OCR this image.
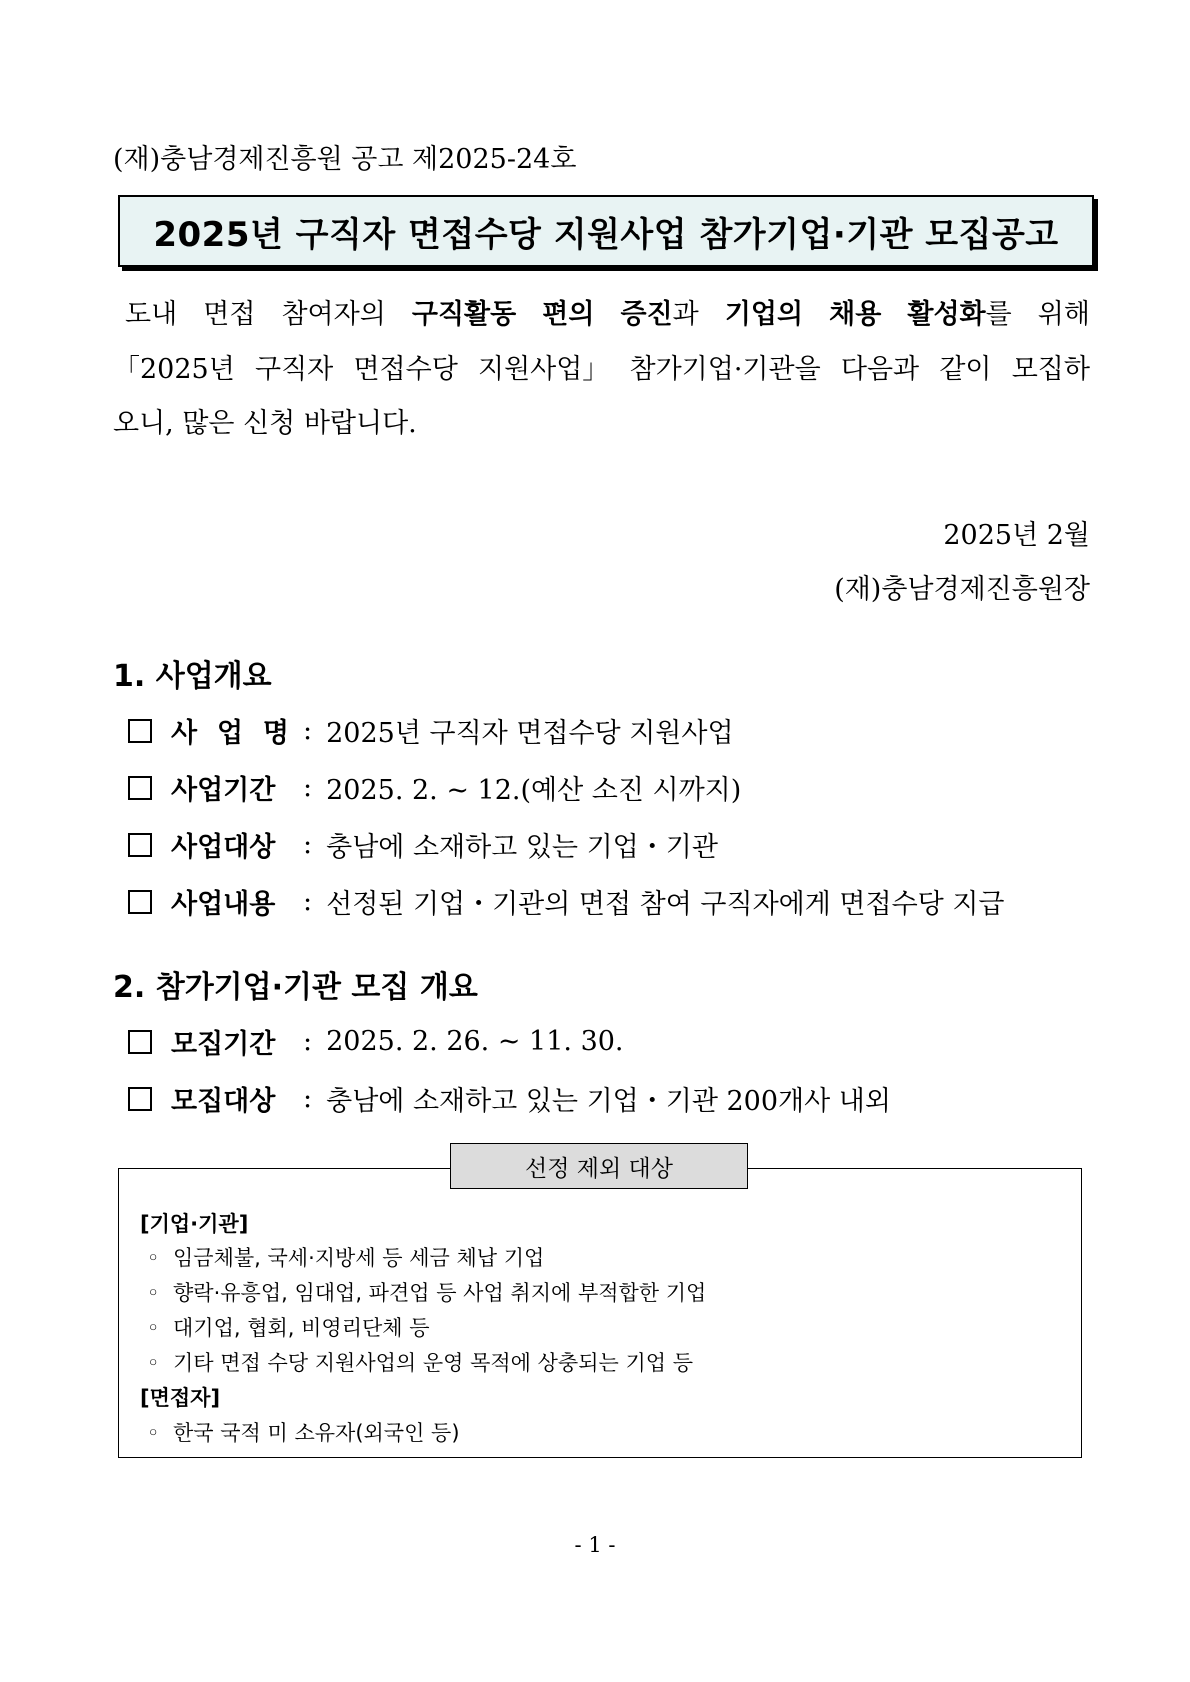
(재)충남경제진흥원 공고 제2025-24호
2025년 구직자 면접수당 지원사업 참가기업·기관 모집공고
도내 면접 참여자의 구직활동 편의 증진과 기업의 채용 활성화를 위해
「2025년 구직자 면접수당 지원사업」 참가기업·기관을 다음과 같이 모집하
오니, 많은 신청 바랍니다.
2025년 2월
(재)충남경제진흥원장
1. 사업개요
사 업 명 : 2025년 구직자 면접수당 지원사업
사업기간	: 2025. 2. ~ 12.(예산 소진 시까지)
사업대상	: 충남에 소재하고 있는 기업・기관
사업내용	: 선정된 기업・기관의 면접 참여 구직자에게 면접수당 지급
2. 참가기업·기관 모집 개요
모집기간	: 2025. 2. 26. ~ 11. 30.
모집대상	: 충남에 소재하고 있는 기업・기관 200개사 내외
선정 제외 대상
[기업·기관]
◦ 임금체불, 국세·지방세 등 세금 체납 기업
◦ 향락·유흥업, 임대업, 파견업 등 사업 취지에 부적합한 기업
◦ 대기업, 협회, 비영리단체 등
◦ 기타 면접 수당 지원사업의 운영 목적에 상충되는 기업 등
[면접자]
◦ 한국 국적 미 소유자(외국인 등)
- 1 -
